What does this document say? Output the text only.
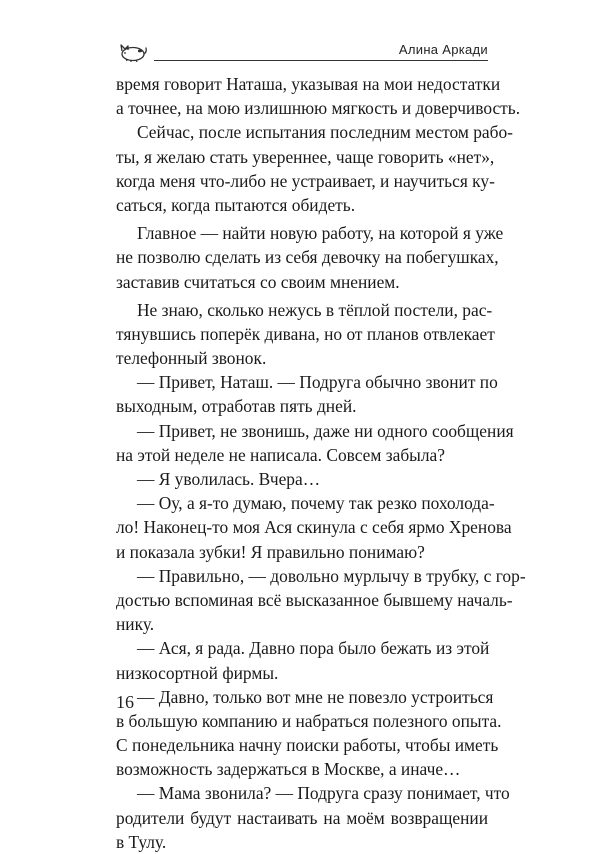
Алина Аркади
время говорит Наташа, указывая на мои недостатки
а точнее, на мою излишнюю мягкость и доверчивость.
Сейчас, после испытания последним местом рабо-
ты, я желаю стать увереннее, чаще говорить «нет»,
когда меня что-либо не устраивает, и научиться ку-
саться, когда пытаются обидеть.
Главное — найти новую работу, на которой я уже
не позволю сделать из себя девочку на побегушках,
заставив считаться со своим мнением.
Не знаю, сколько нежусь в тёплой постели, рас-
тянувшись поперёк дивана, но от планов отвлекает
телефонный звонок.
— Привет, Наташ. — Подруга обычно звонит по
выходным, отработав пять дней.
— Привет, не звонишь, даже ни одного сообщения
на этой неделе не написала. Совсем забыла?
— Я уволилась. Вчера…
— Оу, а я-то думаю, почему так резко похолода-
ло! Наконец-то моя Ася скинула с себя ярмо Хренова
и показала зубки! Я правильно понимаю?
— Правильно, — довольно мурлычу в трубку, с гор-
достью вспоминая всё высказанное бывшему началь-
нику.
— Ася, я рада. Давно пора было бежать из этой
низкосортной фирмы.
— Давно, только вот мне не повезло устроиться
в большую компанию и набраться полезного опыта.
С понедельника начну поиски работы, чтобы иметь
возможность задержаться в Москве, а иначе…
— Мама звонила? — Подруга сразу понимает, что
родители будут настаивать на моём возвращении
в Тулу.
16
